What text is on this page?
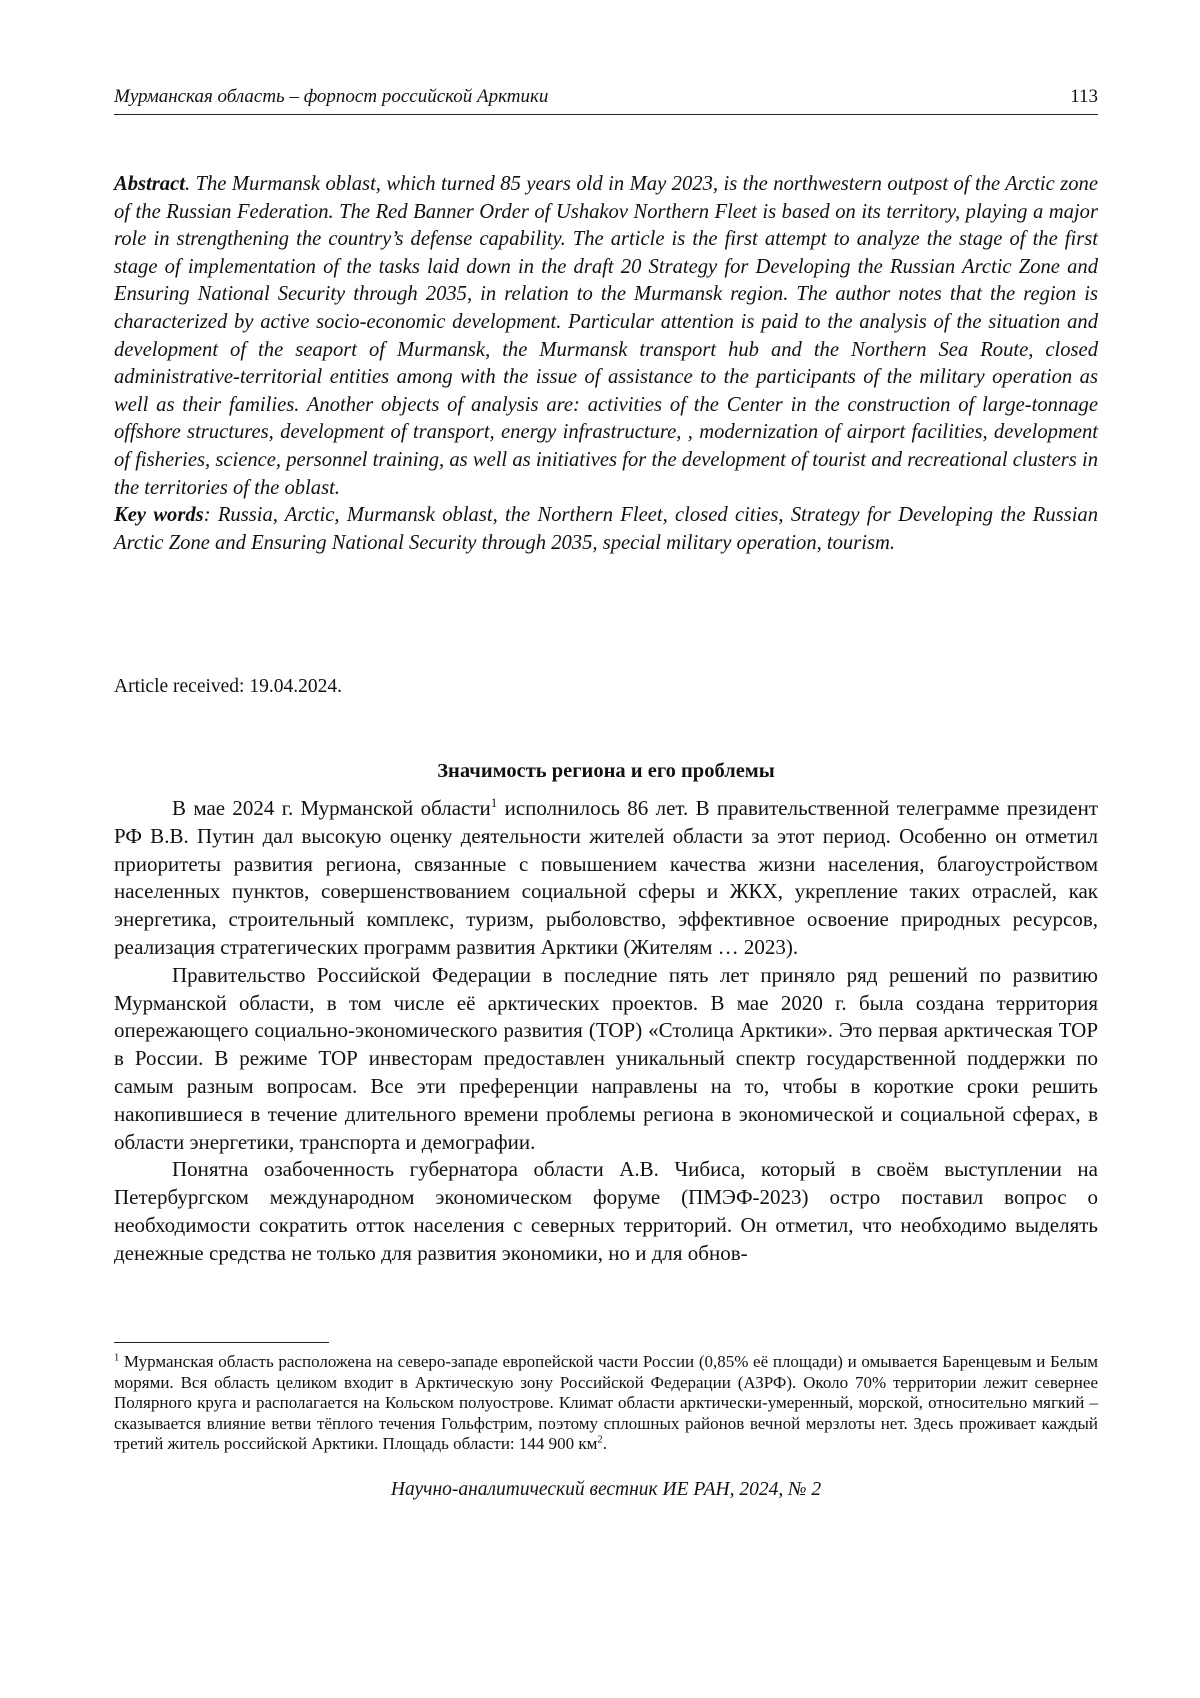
Мурманская область – форпост российской Арктики	113

Abstract. The Murmansk oblast, which turned 85 years old in May 2023, is the northwestern outpost of the Arctic zone of the Russian Federation. The Red Banner Order of Ushakov Northern Fleet is based on its territory, playing a major role in strengthening the country’s defense capability. The article is the first attempt to analyze the stage of the first stage of implementation of the tasks laid down in the draft 20 Strategy for Developing the Russian Arctic Zone and Ensuring National Security through 2035, in relation to the Murmansk region. The author notes that the region is characterized by active socio-economic development. Particular attention is paid to the analysis of the situation and development of the seaport of Murmansk, the Murmansk transport hub and the Northern Sea Route, closed administrative-territorial entities among with the issue of assistance to the participants of the military operation as well as their families. Another objects of analysis are: activities of the Center in the construction of large-tonnage offshore structures, development of transport, energy infrastructure, , modernization of airport facilities, development of fisheries, science, personnel training, as well as initiatives for the development of tourist and recreational clusters in the territories of the oblast.
Key words: Russia, Arctic, Murmansk oblast, the Northern Fleet, closed cities, Strategy for Developing the Russian Arctic Zone and Ensuring National Security through 2035, special military operation, tourism.

Article received: 19.04.2024.

Значимость региона и его проблемы

В мае 2024 г. Мурманской области$^1$ исполнилось 86 лет. В правительственной телеграмме президент РФ В.В. Путин дал высокую оценку деятельности жителей области за этот период. Особенно он отметил приоритеты развития региона, связанные с повышением качества жизни населения, благоустройством населенных пунктов, совершенствованием социальной сферы и ЖКХ, укрепление таких отраслей, как энергетика, строительный комплекс, туризм, рыболовство, эффективное освоение природных ресурсов, реализация стратегических программ развития Арктики (Жителям … 2023).

Правительство Российской Федерации в последние пять лет приняло ряд решений по развитию Мурманской области, в том числе её арктических проектов. В мае 2020 г. была создана территория опережающего социально-экономического развития (ТОР) «Столица Арктики». Это первая арктическая ТОР в России. В режиме ТОР инвесторам предоставлен уникальный спектр государственной поддержки по самым разным вопросам. Все эти преференции направлены на то, чтобы в короткие сроки решить накопившиеся в течение длительного времени проблемы региона в экономической и социальной сферах, в области энергетики, транспорта и демографии.

Понятна озабоченность губернатора области А.В. Чибиса, который в своём выступлении на Петербургском международном экономическом форуме (ПМЭФ-2023) остро поставил вопрос о необходимости сократить отток населения с северных территорий. Он отметил, что необходимо выделять денежные средства не только для развития экономики, но и для обнов-

$^1$ Мурманская область расположена на северо-западе европейской части России (0,85% её площади) и омывается Баренцевым и Белым морями. Вся область целиком входит в Арктическую зону Российской Федерации (АЗРФ). Около 70% территории лежит севернее Полярного круга и располагается на Кольском полуострове. Климат области арктически-умеренный, морской, относительно мягкий – сказывается влияние ветви тёплого течения Гольфстрим, поэтому сплошных районов вечной мерзлоты нет. Здесь проживает каждый третий житель российской Арктики. Площадь области: 144 900 $км^2$.

Научно-аналитический вестник ИЕ РАН, 2024, № 2
